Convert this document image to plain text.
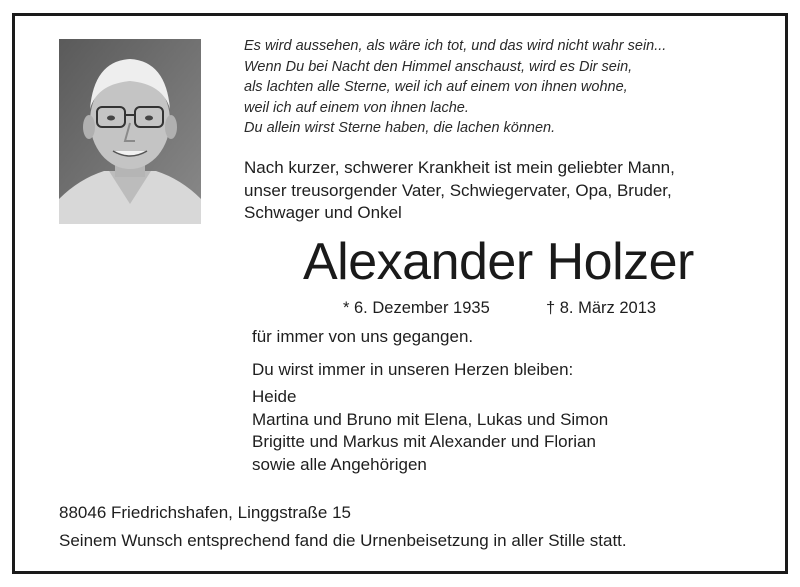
Es wird aussehen, als wäre ich tot, und das wird nicht wahr sein...
Wenn Du bei Nacht den Himmel anschaust, wird es Dir sein,
als lachten alle Sterne, weil ich auf einem von ihnen wohne,
weil ich auf einem von ihnen lache.
Du allein wirst Sterne haben, die lachen können.
Nach kurzer, schwerer Krankheit ist mein geliebter Mann,
unser treusorgender Vater, Schwiegervater, Opa, Bruder,
Schwager und Onkel
Alexander Holzer
* 6. Dezember 1935	† 8. März 2013
für immer von uns gegangen.
Du wirst immer in unseren Herzen bleiben:
Heide
Martina und Bruno mit Elena, Lukas und Simon
Brigitte und Markus mit Alexander und Florian
sowie alle Angehörigen
88046 Friedrichshafen, Linggstraße 15
Seinem Wunsch entsprechend fand die Urnenbeisetzung in aller Stille statt.
